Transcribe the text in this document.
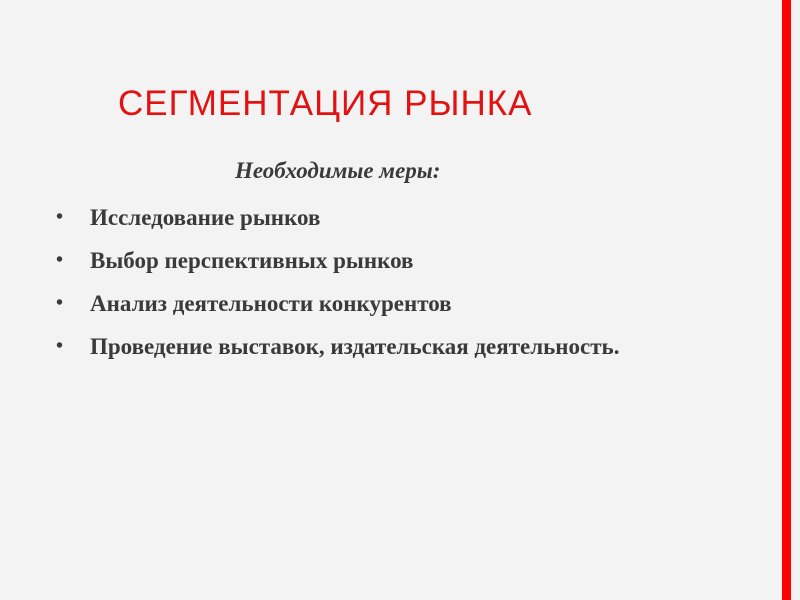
СЕГМЕНТАЦИЯ РЫНКА
Необходимые меры:
• Исследование рынков
• Выбор перспективных рынков
• Анализ деятельности конкурентов
• Проведение выставок, издательская деятельность.
